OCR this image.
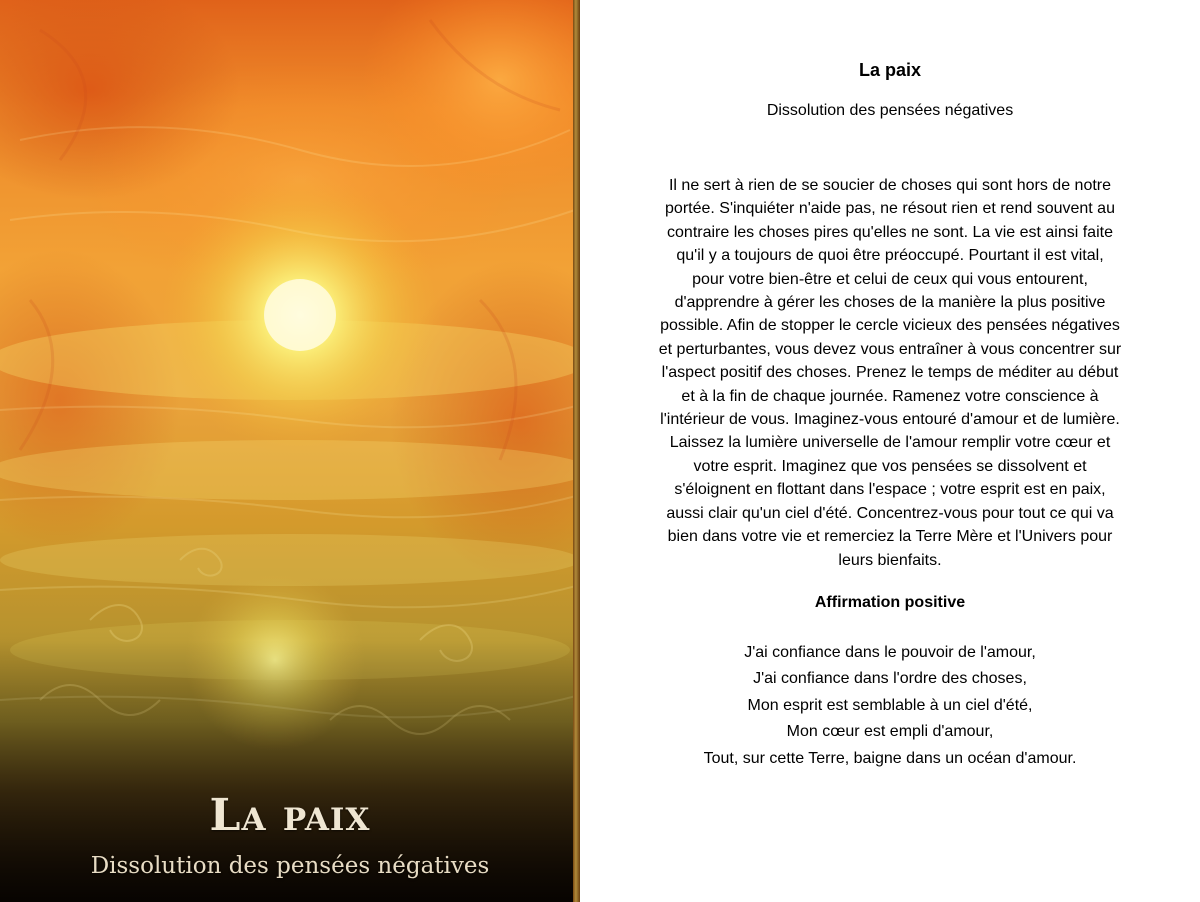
La paix

Dissolution des pensées négatives

La paix

Dissolution des pensées négatives

Il ne sert à rien de se soucier de choses qui sont hors de notre
portée. S'inquiéter n'aide pas, ne résout rien et rend souvent au
contraire les choses pires qu'elles ne sont. La vie est ainsi faite
qu'il y a toujours de quoi être préoccupé. Pourtant il est vital,
pour votre bien-être et celui de ceux qui vous entourent,
d'apprendre à gérer les choses de la manière la plus positive
possible. Afin de stopper le cercle vicieux des pensées négatives
et perturbantes, vous devez vous entraîner à vous concentrer sur
l'aspect positif des choses. Prenez le temps de méditer au début
et à la fin de chaque journée. Ramenez votre conscience à
l'intérieur de vous. Imaginez-vous entouré d'amour et de lumière.
Laissez la lumière universelle de l'amour remplir votre cœur et
votre esprit. Imaginez que vos pensées se dissolvent et
s'éloignent en flottant dans l'espace ; votre esprit est en paix,
aussi clair qu'un ciel d'été. Concentrez-vous pour tout ce qui va
bien dans votre vie et remerciez la Terre Mère et l'Univers pour
leurs bienfaits.

Affirmation positive

J'ai confiance dans le pouvoir de l'amour,
J'ai confiance dans l'ordre des choses,
Mon esprit est semblable à un ciel d'été,
Mon cœur est empli d'amour,
Tout, sur cette Terre, baigne dans un océan d'amour.
